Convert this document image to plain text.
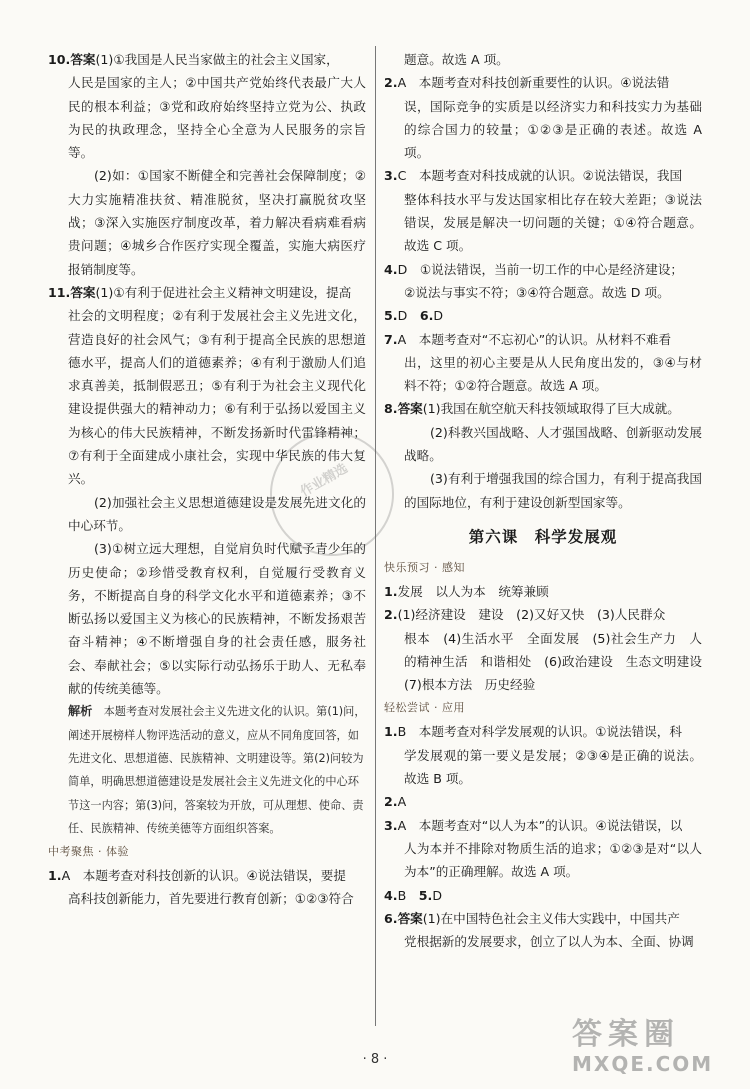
10.答案(1)①我国是人民当家做主的社会主义国家，
人民是国家的主人；②中国共产党始终代表最广大人民的根本利益；③党和政府始终坚持立党为公、执政为民的执政理念，坚持全心全意为人民服务的宗旨等。

(2)如：①国家不断健全和完善社会保障制度；②大力实施精准扶贫、精准脱贫，坚决打赢脱贫攻坚战；③深入实施医疗制度改革，着力解决看病难看病贵问题；④城乡合作医疗实现全覆盖，实施大病医疗报销制度等。

11.答案(1)①有利于促进社会主义精神文明建设，提高
社会的文明程度；②有利于发展社会主义先进文化，营造良好的社会风气；③有利于提高全民族的思想道德水平，提高人们的道德素养；④有利于激励人们追求真善美，抵制假恶丑；⑤有利于为社会主义现代化建设提供强大的精神动力；⑥有利于弘扬以爱国主义为核心的伟大民族精神，不断发扬新时代雷锋精神；⑦有利于全面建成小康社会，实现中华民族的伟大复兴。

(2)加强社会主义思想道德建设是发展先进文化的中心环节。

(3)①树立远大理想，自觉肩负时代赋予青少年的历史使命；②珍惜受教育权利，自觉履行受教育义务，不断提高自身的科学文化水平和道德素养；③不断弘扬以爱国主义为核心的民族精神，不断发扬艰苦奋斗精神；④不断增强自身的社会责任感，服务社会、奉献社会；⑤以实际行动弘扬乐于助人、无私奉献的传统美德等。

解析　 本题考查对发展社会主义先进文化的认识。第(1)问，阐述开展榜样人物评选活动的意义，应从不同角度回答，如先进文化、思想道德、民族精神、文明建设等。第(2)问较为简单，明确思想道德建设是发展社会主义先进文化的中心环节这一内容；第(3)问，答案较为开放，可从理想、使命、责任、民族精神、传统美德等方面组织答案。

中考聚焦 · 体验

1.A　本题考查对科技创新的认识。④说法错误，要提
高科技创新能力，首先要进行教育创新；①②③符合

题意。故选 A 项。

2.A　本题考查对科技创新重要性的认识。④说法错
误，国际竞争的实质是以经济实力和科技实力为基础的综合国力的较量；①②③是正确的表述。故选 A 项。

3.C　本题考查对科技成就的认识。②说法错误，我国
整体科技水平与发达国家相比存在较大差距；③说法错误，发展是解决一切问题的关键；①④符合题意。故选 C 项。

4.D　①说法错误，当前一切工作的中心是经济建设；
②说法与事实不符；③④符合题意。故选 D 项。

5.D　 6.D

7.A　本题考查对“不忘初心”的认识。从材料不难看
出，这里的初心主要是从人民角度出发的，③④与材料不符；①②符合题意。故选 A 项。

8.答案(1)我国在航空航天科技领域取得了巨大成就。

(2)科教兴国战略、人才强国战略、创新驱动发展战略。

(3)有利于增强我国的综合国力，有利于提高我国的国际地位，有利于建设创新型国家等。

第六课　科学发展观
快乐预习 · 感知

1.发展　以人为本　统筹兼顾

2.(1)经济建设　建设　(2)又好又快　(3)人民群众
根本　(4)生活水平　全面发展　(5)社会生产力　人的精神生活　和谐相处　(6)政治建设　生态文明建设　(7)根本方法　历史经验

轻松尝试 · 应用

1.B　本题考查对科学发展观的认识。①说法错误，科
学发展观的第一要义是发展；②③④是正确的说法。故选 B 项。

2.A

3.A　本题考查对“以人为本”的认识。④说法错误，以
人为本并不排除对物质生活的追求；①②③是对“以人为本”的正确理解。故选 A 项。

4.B　 5.D

6.答案(1)在中国特色社会主义伟大实践中，中国共产
党根据新的发展要求，创立了以人为本、全面、协调

作业精选
· 8 ·
答案圈
MXQE.COM
